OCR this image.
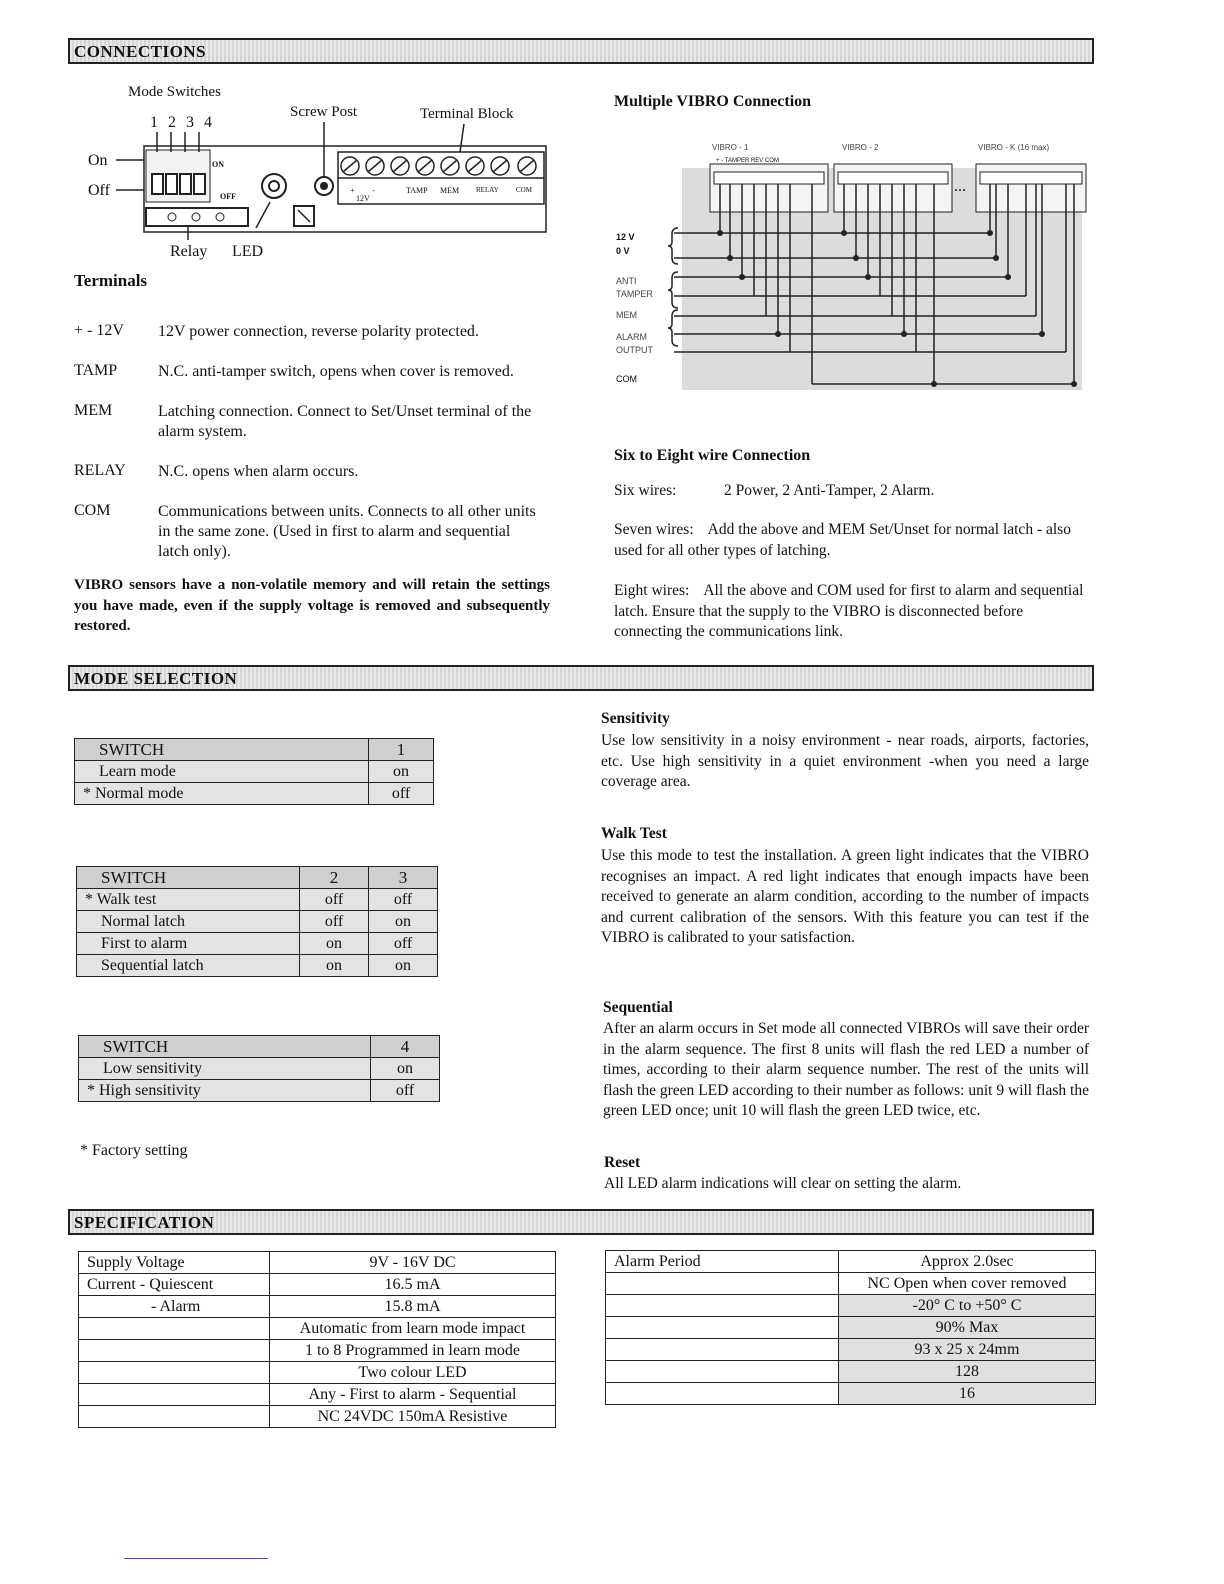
CONNECTIONS
Mode Switches
1 2 3 4
Screw Post	Terminal Block
On
Off
ON
OFF
+ -
12V
TAMP MEM RELAY COM
Relay LED
Terminals
+ - 12V	12V power connection, reverse polarity protected.
TAMP	N.C. anti-tamper switch, opens when cover is removed.
MEM	Latching connection. Connect to Set/Unset terminal of the alarm system.
RELAY	N.C. opens when alarm occurs.
COM	Communications between units. Connects to all other units in the same zone. (Used in first to alarm and sequential latch only).
VIBRO sensors have a non-volatile memory and will retain the settings you have made, even if the supply voltage is removed and subsequently restored.
Multiple VIBRO Connection
VIBRO - 1	VIBRO - 2	VIBRO - K (16 max)
+ - TAMPER REV COM
...
12 V
0 V
ANTI
TAMPER
MEM
ALARM
OUTPUT
COM
Six to Eight wire Connection
Six wires:	2 Power, 2 Anti-Tamper, 2 Alarm.
Seven wires: Add the above and MEM Set/Unset for normal latch - also used for all other types of latching.
Eight wires: All the above and COM used for first to alarm and sequential latch. Ensure that the supply to the VIBRO is disconnected before connecting the communications link.
MODE SELECTION
SWITCH	1
Learn mode	on
* Normal mode	off
SWITCH	2	3
* Walk test	off	off
Normal latch	off	on
First to alarm	on	off
Sequential latch	on	on
SWITCH	4
Low sensitivity	on
* High sensitivity	off
* Factory setting
Sensitivity
Use low sensitivity in a noisy environment - near roads, airports, factories, etc. Use high sensitivity in a quiet environment -when you need a large coverage area.
Walk Test
Use this mode to test the installation. A green light indicates that the VIBRO recognises an impact. A red light indicates that enough impacts have been received to generate an alarm condition, according to the number of impacts and current calibration of the sensors. With this feature you can test if the VIBRO is calibrated to your satisfaction.
Sequential
After an alarm occurs in Set mode all connected VIBROs will save their order in the alarm sequence. The first 8 units will flash the red LED a number of times, according to their alarm sequence number. The rest of the units will flash the green LED according to their number as follows: unit 9 will flash the green LED once; unit 10 will flash the green LED twice, etc.
Reset
All LED alarm indications will clear on setting the alarm.
SPECIFICATION
Supply Voltage	9V - 16V DC
Current - Quiescent	16.5 mA
- Alarm	15.8 mA
	Automatic from learn mode impact
	1 to 8 Programmed in learn mode
	Two colour LED
	Any - First to alarm - Sequential
	NC 24VDC 150mA Resistive
Alarm Period	Approx 2.0sec
	NC Open when cover removed
	-20° C to +50° C
	90% Max
	93 x 25 x 24mm
	128
	16
